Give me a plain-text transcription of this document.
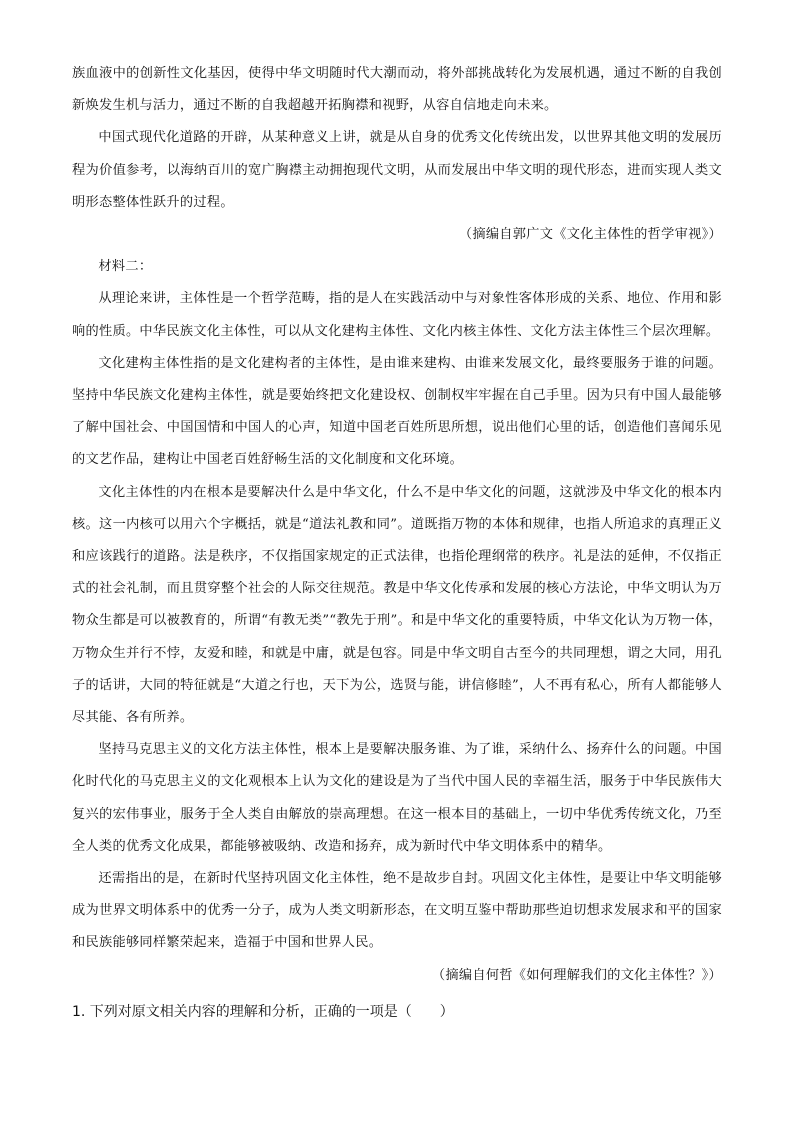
族血液中的创新性文化基因，使得中华文明随时代大潮而动，将外部挑战转化为发展机遇，通过不断的自我创新焕发生机与活力，通过不断的自我超越开拓胸襟和视野，从容自信地走向未来。

中国式现代化道路的开辟，从某种意义上讲，就是从自身的优秀文化传统出发，以世界其他文明的发展历程为价值参考，以海纳百川的宽广胸襟主动拥抱现代文明，从而发展出中华文明的现代形态，进而实现人类文明形态整体性跃升的过程。

（摘编自郭广文《文化主体性的哲学审视》）

材料二：

从理论来讲，主体性是一个哲学范畴，指的是人在实践活动中与对象性客体形成的关系、地位、作用和影响的性质。中华民族文化主体性，可以从文化建构主体性、文化内核主体性、文化方法主体性三个层次理解。

文化建构主体性指的是文化建构者的主体性，是由谁来建构、由谁来发展文化，最终要服务于谁的问题。坚持中华民族文化建构主体性，就是要始终把文化建设权、创制权牢牢握在自己手里。因为只有中国人最能够了解中国社会、中国国情和中国人的心声，知道中国老百姓所思所想，说出他们心里的话，创造他们喜闻乐见的文艺作品，建构让中国老百姓舒畅生活的文化制度和文化环境。

文化主体性的内在根本是要解决什么是中华文化，什么不是中华文化的问题，这就涉及中华文化的根本内核。这一内核可以用六个字概括，就是“道法礼教和同”。道既指万物的本体和规律，也指人所追求的真理正义和应该践行的道路。法是秩序，不仅指国家规定的正式法律，也指伦理纲常的秩序。礼是法的延伸，不仅指正式的社会礼制，而且贯穿整个社会的人际交往规范。教是中华文化传承和发展的核心方法论，中华文明认为万物众生都是可以被教育的，所谓“有教无类”“教先于刑”。和是中华文化的重要特质，中华文化认为万物一体，万物众生并行不悖，友爱和睦，和就是中庸，就是包容。同是中华文明自古至今的共同理想，谓之大同，用孔子的话讲，大同的特征就是“大道之行也，天下为公，选贤与能，讲信修睦”，人不再有私心，所有人都能够人尽其能、各有所养。

坚持马克思主义的文化方法主体性，根本上是要解决服务谁、为了谁，采纳什么、扬弃什么的问题。中国化时代化的马克思主义的文化观根本上认为文化的建设是为了当代中国人民的幸福生活，服务于中华民族伟大复兴的宏伟事业，服务于全人类自由解放的崇高理想。在这一根本目的基础上，一切中华优秀传统文化，乃至全人类的优秀文化成果，都能够被吸纳、改造和扬弃，成为新时代中华文明体系中的精华。

还需指出的是，在新时代坚持巩固文化主体性，绝不是故步自封。巩固文化主体性，是要让中华文明能够成为世界文明体系中的优秀一分子，成为人类文明新形态，在文明互鉴中帮助那些迫切想求发展求和平的国家和民族能够同样繁荣起来，造福于中国和世界人民。

（摘编自何哲《如何理解我们的文化主体性？》）

1. 下列对原文相关内容的理解和分析，正确的一项是（　　）
